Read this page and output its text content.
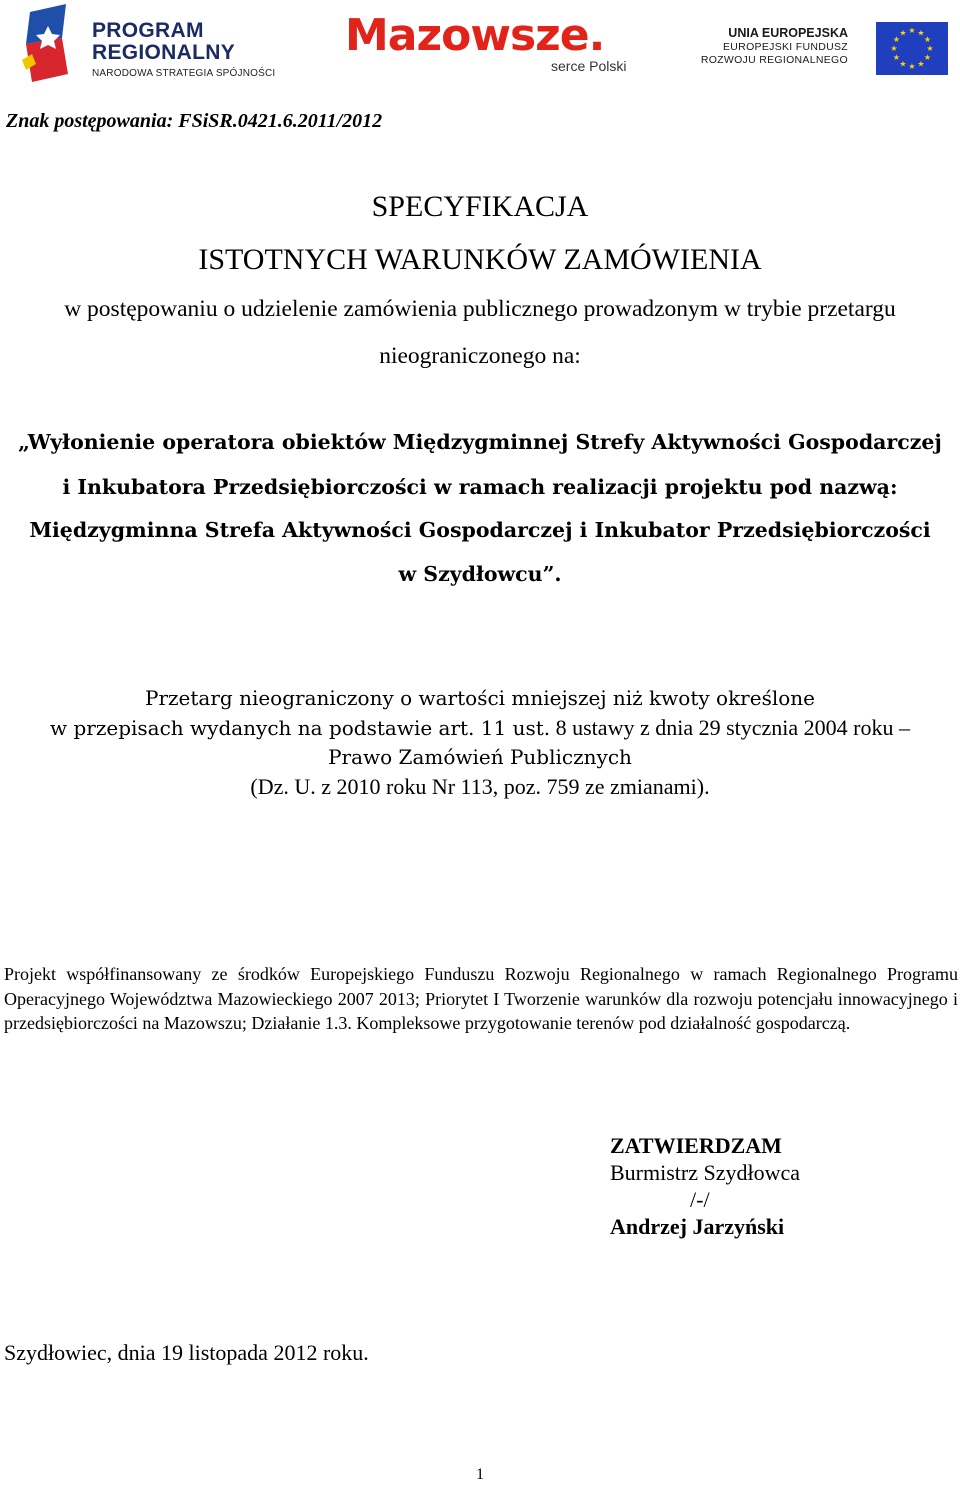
PROGRAM
REGIONALNY
NARODOWA STRATEGIA SPÓJNOŚCI
Mazowsze.
serce Polski
UNIA EUROPEJSKA
EUROPEJSKI FUNDUSZ
ROZWOJU REGIONALNEGO
★ ★
★
★
★
★
★
★
★
★
★
★
Znak postępowania: FSiSR.0421.6.2011/2012
SPECYFIKACJA
ISTOTNYCH WARUNKÓW ZAMÓWIENIA
w postępowaniu o udzielenie zamówienia publicznego prowadzonym w trybie przetargu
nieograniczonego na:
„Wyłonienie operatora obiektów Międzygminnej Strefy Aktywności Gospodarczej
i Inkubatora Przedsiębiorczości w ramach realizacji projektu pod nazwą:
Międzygminna Strefa Aktywności Gospodarczej i Inkubator Przedsiębiorczości
w Szydłowcu”.
Przetarg nieograniczony o wartości mniejszej niż kwoty określone
w przepisach wydanych na podstawie art. 11 ust. 8 ustawy z dnia 29 stycznia 2004 roku –
Prawo Zamówień Publicznych
(Dz. U. z 2010 roku Nr 113, poz. 759 ze zmianami).
Projekt współfinansowany ze środków Europejskiego Funduszu Rozwoju Regionalnego w ramach Regionalnego Programu Operacyjnego Województwa Mazowieckiego 2007 2013; Priorytet I Tworzenie warunków dla rozwoju potencjału innowacyjnego i przedsiębiorczości na Mazowszu; Działanie 1.3. Kompleksowe przygotowanie terenów pod działalność gospodarczą.
ZATWIERDZAM
Burmistrz Szydłowca
/-/
Andrzej Jarzyński
Szydłowiec, dnia 19 listopada 2012 roku.
1
